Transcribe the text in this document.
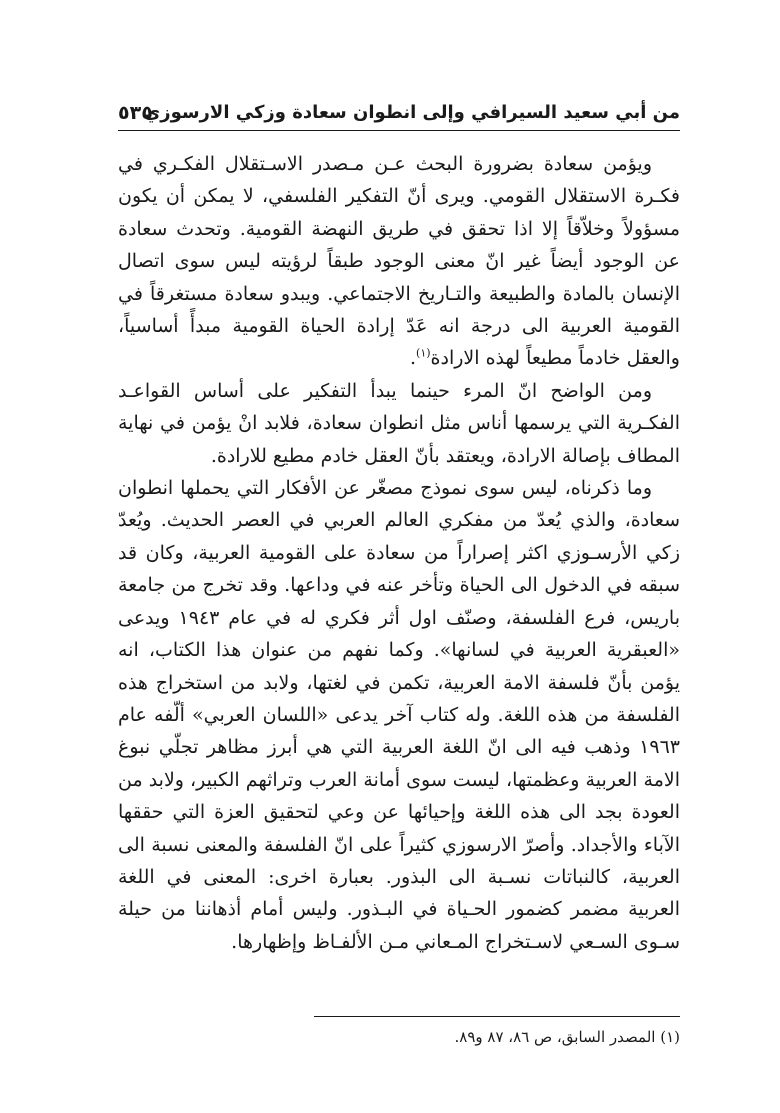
من أبي سعيد السيرافي وإلى انطوان سعادة وزكي الارسوزي
٥٣٥

ويؤمن سعادة بضرورة البحث عـن مـصدر الاسـتقلال الفكـري في فكـرة الاستقلال القومي. ويرى أنّ التفكير الفلسفي، لا يمكن أن يكون مسؤولاً وخلاّقاً إلا اذا تحقق في طريق النهضة القومية. وتحدث سعادة عن الوجود أيضاً غير انّ معنى الوجود طبقاً لرؤيته ليس سوى اتصال الإنسان بالمادة والطبيعة والتـاريخ الاجتماعي. ويبدو سعادة مستغرقاً في القومية العربية الى درجة انه عَدّ إرادة الحياة القومية مبدأً أساسياً، والعقل خادماً مطيعاً لهذه الارادة$^{(١)}$.

ومن الواضح انّ المرء حينما يبدأ التفكير على أساس القواعـد الفكـرية التي يرسمها أناس مثل انطوان سعادة، فلابد انْ يؤمن في نهاية المطاف بإصالة الارادة، ويعتقد بأنّ العقل خادم مطيع للارادة.

وما ذكرناه، ليس سوى نموذج مصغّر عن الأفكار التي يحملها انطوان سعادة، والذي يُعدّ من مفكري العالم العربي في العصر الحديث. ويُعدّ زكي الأرسـوزي اكثر إصراراً من سعادة على القومية العربية، وكان قد سبقه في الدخول الى الحياة وتأخر عنه في وداعها. وقد تخرج من جامعة باريس، فرع الفلسفة، وصنّف اول أثر فكري له في عام ١٩٤٣ ويدعى «العبقرية العربية في لسانها». وكما نفهم من عنوان هذا الكتاب، انه يؤمن بأنّ فلسفة الامة العربية، تكمن في لغتها، ولابد من استخراج هذه الفلسفة من هذه اللغة. وله كتاب آخر يدعى «اللسان العربي» ألّفه عام ١٩٦٣ وذهب فيه الى انّ اللغة العربية التي هي أبرز مظاهر تجلّي نبوغ الامة العربية وعظمتها، ليست سوى أمانة العرب وتراثهم الكبير، ولابد من العودة بجد الى هذه اللغة وإحيائها عن وعي لتحقيق العزة التي حققها الآباء والأجداد. وأصرّ الارسوزي كثيراً على انّ الفلسفة والمعنى نسبة الى العربية، كالنباتات نسـبة الى البذور. بعبارة اخرى: المعنى في اللغة العربية مضمر كضمور الحـياة في البـذور. وليس أمام أذهاننا من حيلة سـوى السـعي لاسـتخراج المـعاني مـن الألفـاظ وإظهارها.

(١) المصدر السابق، ص ٨٦، ٨٧ و٨٩.
